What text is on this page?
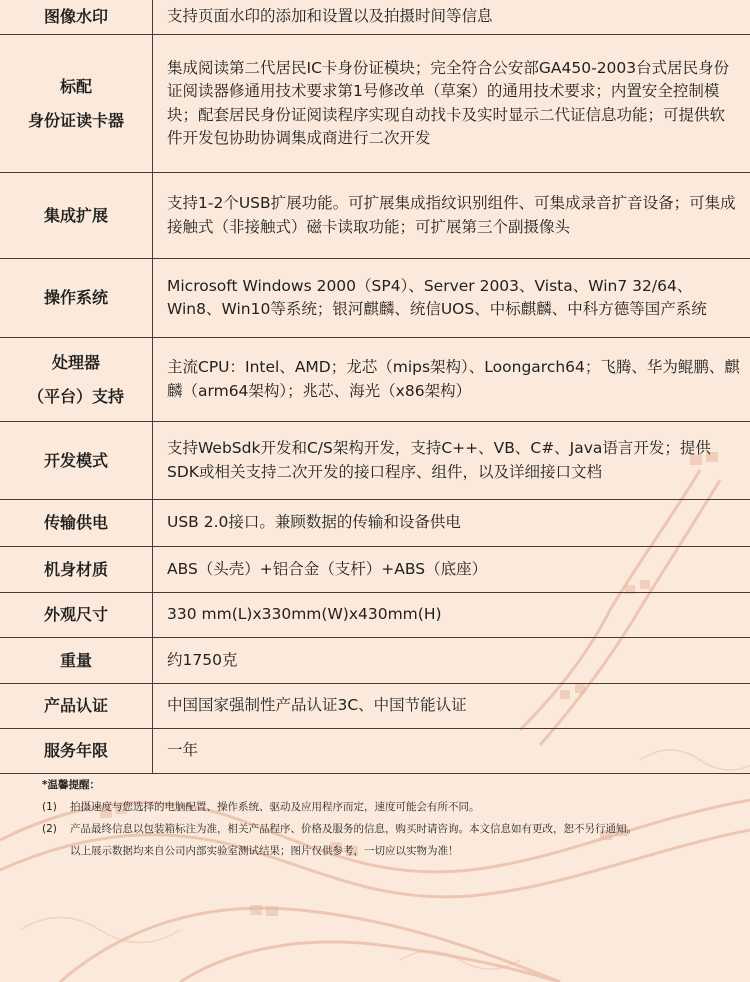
图像水印	支持页面水印的添加和设置以及拍摄时间等信息

标配
身份证读卡器	集成阅读第二代居民IC卡身份证模块；完全符合公安部GA450-2003台式居民身份证阅读器修通用技术要求第1号修改单（草案）的通用技术要求；内置安全控制模块；配套居民身份证阅读程序实现自动找卡及实时显示二代证信息功能；可提供软件开发包协助协调集成商进行二次开发

集成扩展	支持1-2个USB扩展功能。可扩展集成指纹识别组件、可集成录音扩音设备；可集成接触式（非接触式）磁卡读取功能；可扩展第三个副摄像头

操作系统	Microsoft Windows 2000（SP4）、Server 2003、Vista、Win7 32/64、Win8、Win10等系统；银河麒麟、统信UOS、中标麒麟、中科方德等国产系统

处理器
（平台）支持	主流CPU：Intel、AMD；龙芯（mips架构）、Loongarch64；飞腾、华为鲲鹏、麒麟（arm64架构）；兆芯、海光（x86架构）

开发模式	支持WebSdk开发和C/S架构开发，支持C++、VB、C#、Java语言开发；提供SDK或相关支持二次开发的接口程序、组件，以及详细接口文档

传输供电	USB 2.0接口。兼顾数据的传输和设备供电

机身材质	ABS（头壳）+铝合金（支杆）+ABS（底座）

外观尺寸	330 mm(L)x330mm(W)x430mm(H)

重量	约1750克

产品认证	中国国家强制性产品认证3C、中国节能认证

服务年限	一年
*温馨提醒：
(1)	拍摄速度与您选择的电脑配置、操作系统、驱动及应用程序而定，速度可能会有所不同。
(2)	产品最终信息以包装箱标注为准，相关产品程序、价格及服务的信息，购买时请咨询。本文信息如有更改，恕不另行通知。
以上展示数据均来自公司内部实验室测试结果；图片仅供参考，一切应以实物为准！
